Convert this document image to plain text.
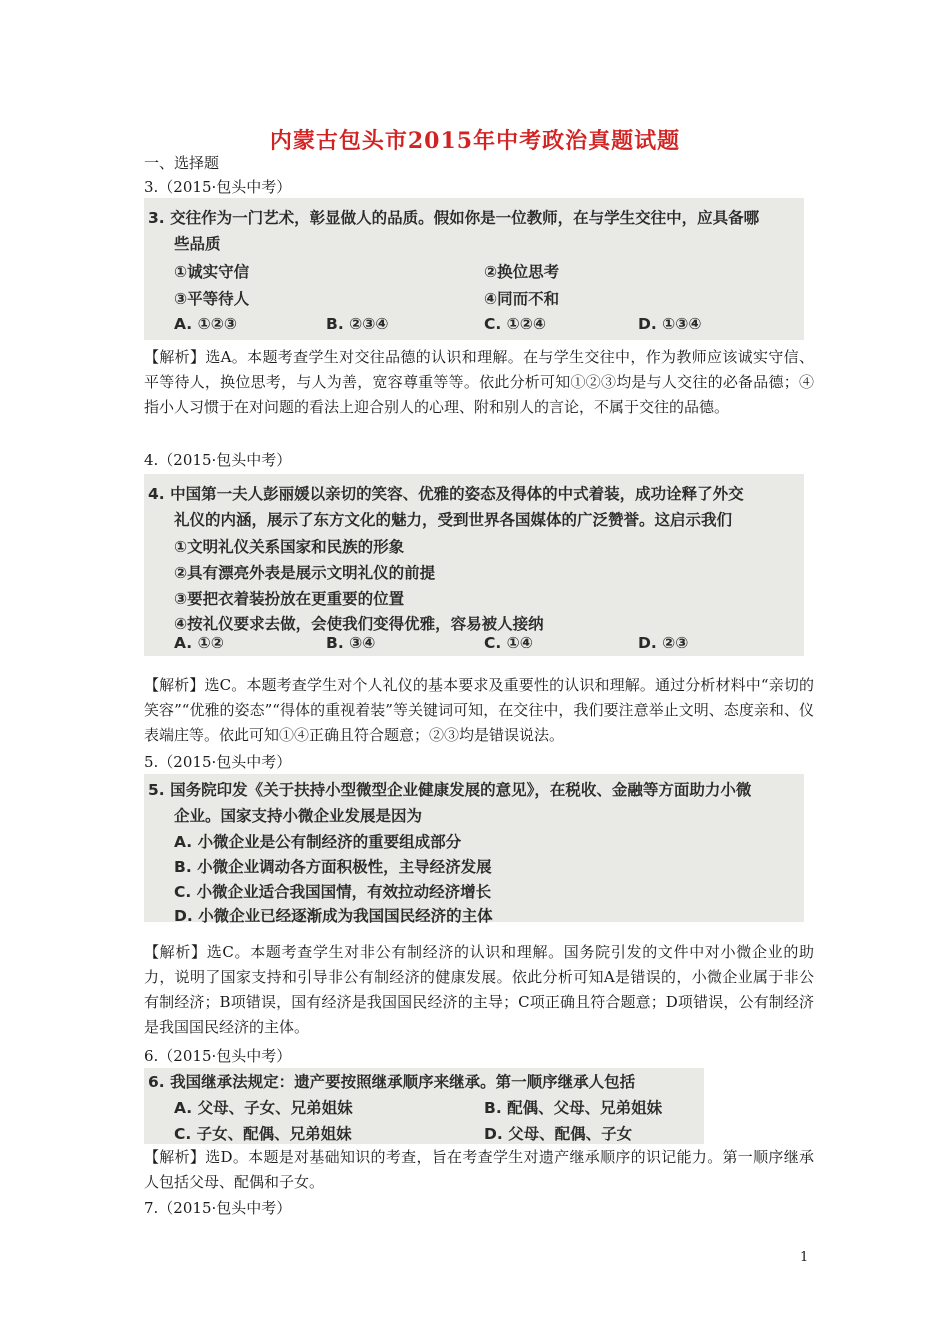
内蒙古包头市2015年中考政治真题试题
一、选择题
3.（2015·包头中考）
3. 交往作为一门艺术，彰显做人的品质。假如你是一位教师，在与学生交往中，应具备哪
些品质
①诚实守信	②换位思考
③平等待人	④同而不和
A. ①②③	B. ②③④	C. ①②④	D. ①③④
【解析】选A。本题考查学生对交往品德的认识和理解。在与学生交往中，作为教师应该诚实守信、平等待人，换位思考，与人为善，宽容尊重等等。依此分析可知①②③均是与人交往的必备品德；④指小人习惯于在对问题的看法上迎合别人的心理、附和别人的言论，不属于交往的品德。
4.（2015·包头中考）
4. 中国第一夫人彭丽媛以亲切的笑容、优雅的姿态及得体的中式着装，成功诠释了外交
礼仪的内涵，展示了东方文化的魅力，受到世界各国媒体的广泛赞誉。这启示我们
①文明礼仪关系国家和民族的形象
②具有漂亮外表是展示文明礼仪的前提
③要把衣着装扮放在更重要的位置
④按礼仪要求去做，会使我们变得优雅，容易被人接纳
A. ①②	B. ③④	C. ①④	D. ②③
【解析】选C。本题考查学生对个人礼仪的基本要求及重要性的认识和理解。通过分析材料中“亲切的笑容”“优雅的姿态”“得体的重视着装”等关键词可知，在交往中，我们要注意举止文明、态度亲和、仪表端庄等。依此可知①④正确且符合题意；②③均是错误说法。
5.（2015·包头中考）
5. 国务院印发《关于扶持小型微型企业健康发展的意见》，在税收、金融等方面助力小微
企业。国家支持小微企业发展是因为
A. 小微企业是公有制经济的重要组成部分
B. 小微企业调动各方面积极性，主导经济发展
C. 小微企业适合我国国情，有效拉动经济增长
D. 小微企业已经逐渐成为我国国民经济的主体
【解析】选C。本题考查学生对非公有制经济的认识和理解。国务院引发的文件中对小微企业的助力，说明了国家支持和引导非公有制经济的健康发展。依此分析可知A是错误的，小微企业属于非公有制经济；B项错误，国有经济是我国国民经济的主导；C项正确且符合题意；D项错误，公有制经济是我国国民经济的主体。
6.（2015·包头中考）
6. 我国继承法规定：遗产要按照继承顺序来继承。第一顺序继承人包括
A. 父母、子女、兄弟姐妹	B. 配偶、父母、兄弟姐妹
C. 子女、配偶、兄弟姐妹	D. 父母、配偶、子女
【解析】选D。本题是对基础知识的考查，旨在考查学生对遗产继承顺序的识记能力。第一顺序继承人包括父母、配偶和子女。
7.（2015·包头中考）
1
